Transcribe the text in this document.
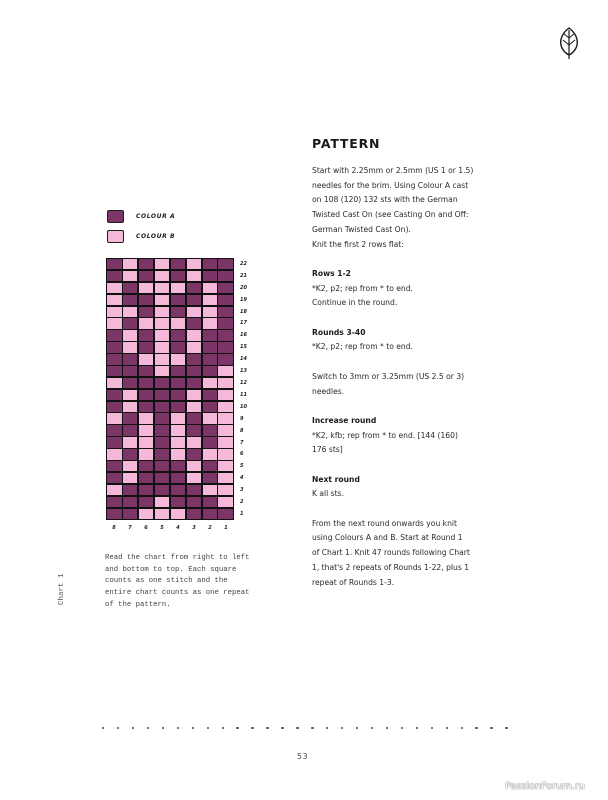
COLOUR A
COLOUR B
22
21
20
19
18
17
16
15
14
13
12
11
10
9
8
7
6
5
4
3
2
1
8	7	6	5	4	3	2	1
Read the chart from right to left
and bottom to top. Each square
counts as one stitch and the
entire chart counts as one repeat
of the pattern.
Chart 1
PATTERN
Start with 2.25mm or 2.5mm (US 1 or 1.5)
needles for the brim. Using Colour A cast
on 108 (120) 132 sts with the German
Twisted Cast On (see Casting On and Off:
German Twisted Cast On).
Knit the first 2 rows flat:
Rows 1-2
*K2, p2; rep from * to end.
Continue in the round.
Rounds 3-40
*K2, p2; rep from * to end.
Switch to 3mm or 3.25mm (US 2.5 or 3)
needles.
Increase round
*K2, kfb; rep from * to end. [144 (160)
176 sts]
Next round
K all sts.
From the next round onwards you knit
using Colours A and B. Start at Round 1
of Chart 1. Knit 47 rounds following Chart
1, that's 2 repeats of Rounds 1-22, plus 1
repeat of Rounds 1-3.
53
PassionForum.ru
